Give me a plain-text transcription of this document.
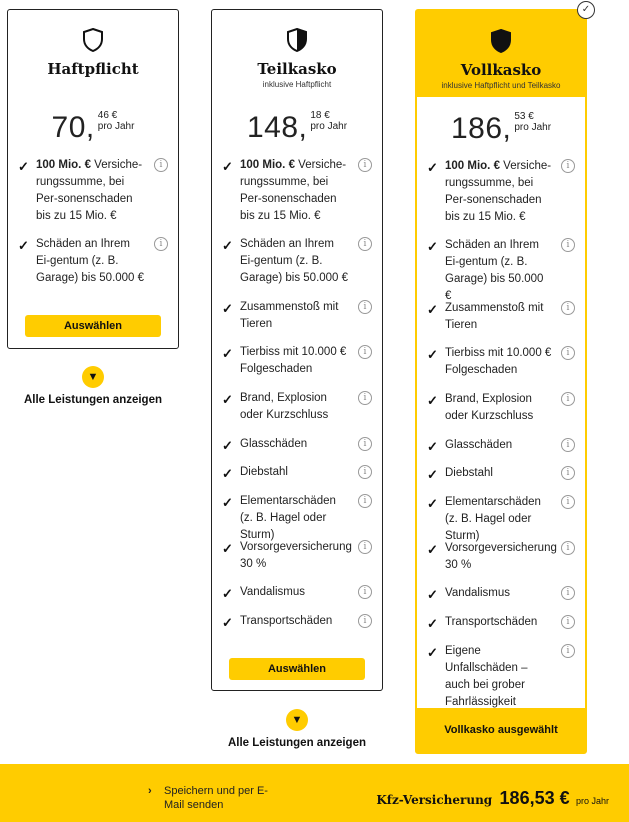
Haftpflicht
70, 46 €
pro Jahr
✓ 100 Mio. € Versiche-rungssumme, bei Per-sonenschaden bis zu 15 Mio. €
i
✓ Schäden an Ihrem Ei-gentum (z. B. Garage) bis 50.000 €
i
Auswählen
▼
Alle Leistungen anzeigen
Teilkasko
inklusive Haftpflicht
148, 18 €
pro Jahr
✓ 100 Mio. € Versiche-rungssumme, bei Per-sonenschaden bis zu 15 Mio. €
i
✓ Schäden an Ihrem Ei-gentum (z. B. Garage) bis 50.000 €
i
✓ Zusammenstoß mit Tieren
i
✓ Tierbiss mit 10.000 € Folgeschaden
i
✓ Brand, Explosion oder Kurzschluss
i
✓ Glasschäden	i
✓ Diebstahl	i
✓ Elementarschäden (z. B. Hagel oder Sturm)
i
✓ Vorsorgeversicherung 30 %
i
✓ Vandalismus	i
✓ Transportschäden	i
Auswählen
▼
Alle Leistungen anzeigen
Vollkasko
inklusive Haftpflicht und Teilkasko
186, 53 €
pro Jahr
✓ 100 Mio. € Versiche-rungssumme, bei Per-sonenschaden bis zu 15 Mio. €
i
✓ Schäden an Ihrem Ei-gentum (z. B. Garage) bis 50.000 €
i
✓ Zusammenstoß mit Tieren
i
✓ Tierbiss mit 10.000 € Folgeschaden
i
✓ Brand, Explosion oder Kurzschluss
i
✓ Glasschäden	i
✓ Diebstahl	i
✓ Elementarschäden (z. B. Hagel oder Sturm)
i
✓ Vorsorgeversicherung 30 %
i
✓ Vandalismus	i
✓ Transportschäden	i
✓ Eigene Unfallschäden – auch bei grober Fahrlässigkeit
i
Vollkasko ausgewählt
✓
› Speichern und per E-Mail senden	Kfz-Versicherung 186,53 € pro Jahr
